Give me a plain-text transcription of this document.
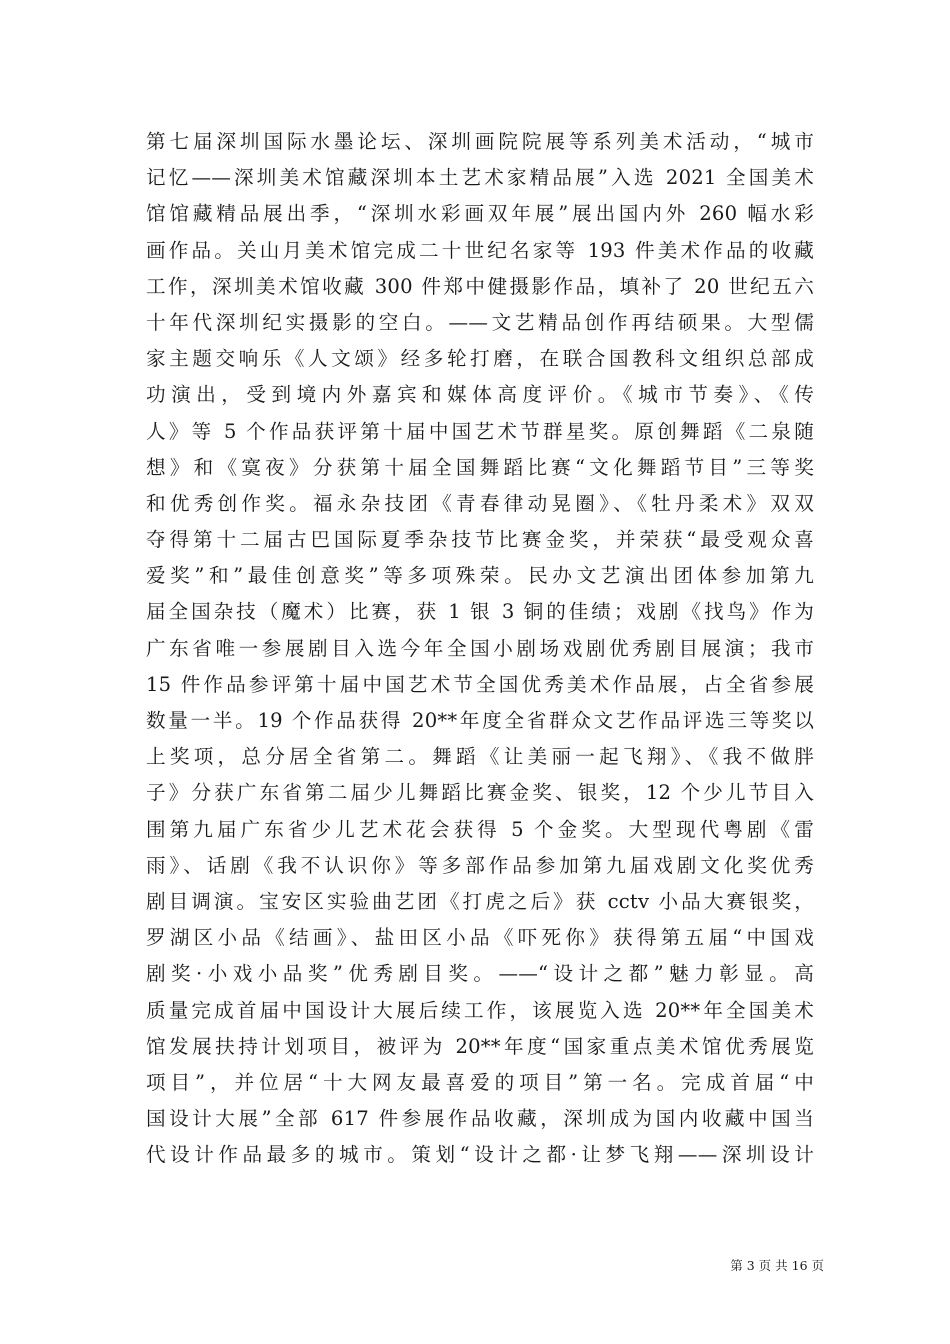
第七届深圳国际水墨论坛、深圳画院院展等系列美术活动，“城市
记忆——深圳美术馆藏深圳本土艺术家精品展”入选 2021 全国美术
馆馆藏精品展出季，“深圳水彩画双年展”展出国内外 260 幅水彩
画作品。关山月美术馆完成二十世纪名家等 193 件美术作品的收藏
工作，深圳美术馆收藏 300 件郑中健摄影作品，填补了 20 世纪五六
十年代深圳纪实摄影的空白。——文艺精品创作再结硕果。大型儒
家主题交响乐《人文颂》经多轮打磨，在联合国教科文组织总部成
功演出，受到境内外嘉宾和媒体高度评价。《城市节奏》、《传
人》等 5 个作品获评第十届中国艺术节群星奖。原创舞蹈《二泉随
想》和《寞夜》分获第十届全国舞蹈比赛“文化舞蹈节目”三等奖
和优秀创作奖。福永杂技团《青春律动晃圈》、《牡丹柔术》双双
夺得第十二届古巴国际夏季杂技节比赛金奖，并荣获“最受观众喜
爱奖”和”最佳创意奖”等多项殊荣。民办文艺演出团体参加第九
届全国杂技（魔术）比赛，获 1 银 3 铜的佳绩；戏剧《找鸟》作为
广东省唯一参展剧目入选今年全国小剧场戏剧优秀剧目展演；我市
15 件作品参评第十届中国艺术节全国优秀美术作品展，占全省参展
数量一半。19 个作品获得 20**年度全省群众文艺作品评选三等奖以
上奖项，总分居全省第二。舞蹈《让美丽一起飞翔》、《我不做胖
子》分获广东省第二届少儿舞蹈比赛金奖、银奖，12 个少儿节目入
围第九届广东省少儿艺术花会获得 5 个金奖。大型现代粤剧《雷
雨》、话剧《我不认识你》等多部作品参加第九届戏剧文化奖优秀
剧目调演。宝安区实验曲艺团《打虎之后》获 cctv 小品大赛银奖，
罗湖区小品《结画》、盐田区小品《吓死你》获得第五届“中国戏
剧奖·小戏小品奖”优秀剧目奖。——“设计之都”魅力彰显。高
质量完成首届中国设计大展后续工作，该展览入选 20**年全国美术
馆发展扶持计划项目，被评为 20**年度“国家重点美术馆优秀展览
项目”，并位居“十大网友最喜爱的项目”第一名。完成首届“中
国设计大展”全部 617 件参展作品收藏，深圳成为国内收藏中国当
代设计作品最多的城市。策划“设计之都·让梦飞翔——深圳设计
第 3 页 共 16 页
